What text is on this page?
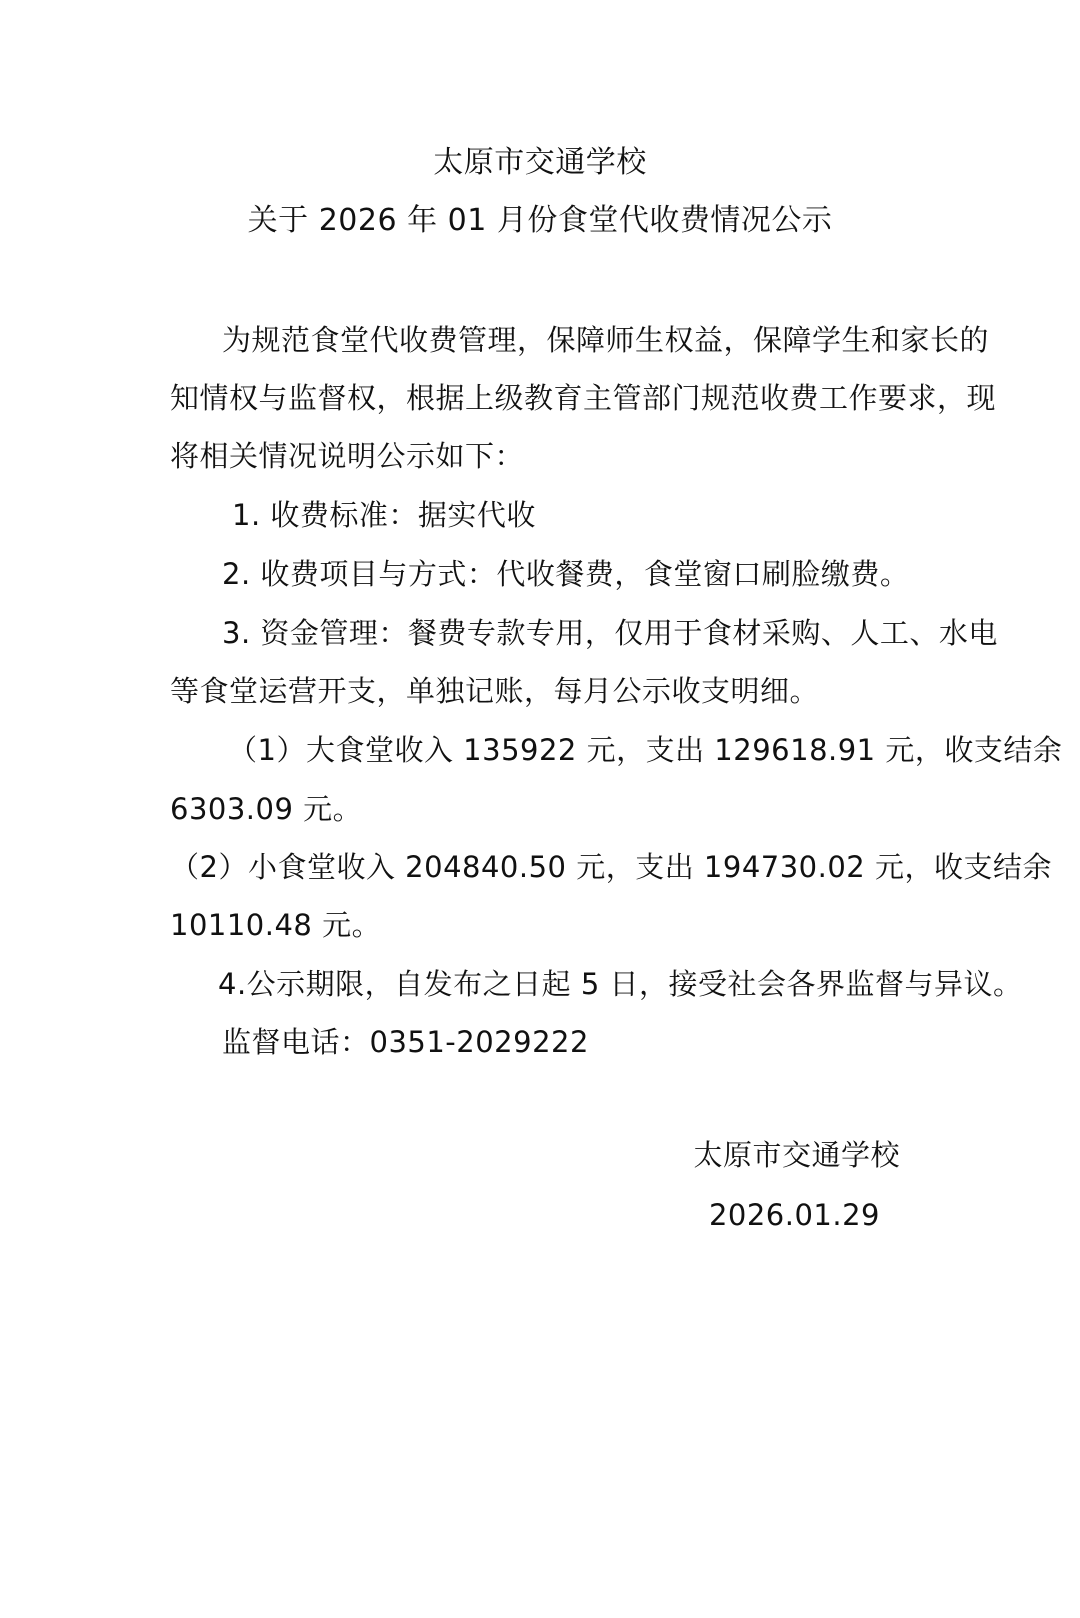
太原市交通学校
关于 2026 年 01 月份食堂代收费情况公示
为规范食堂代收费管理，保障师生权益，保障学生和家长的
知情权与监督权，根据上级教育主管部门规范收费工作要求，现
将相关情况说明公示如下：
1. 收费标准：据实代收
2. 收费项目与方式：代收餐费，食堂窗口刷脸缴费。
3. 资金管理：餐费专款专用，仅用于食材采购、人工、水电
等食堂运营开支，单独记账，每月公示收支明细。
（1）大食堂收入 135922 元，支出 129618.91 元，收支结余
6303.09 元。
（2）小食堂收入 204840.50 元，支出 194730.02 元，收支结余
10110.48 元。
4.公示期限，自发布之日起 5 日，接受社会各界监督与异议。
监督电话：0351-2029222
太原市交通学校
2026.01.29
